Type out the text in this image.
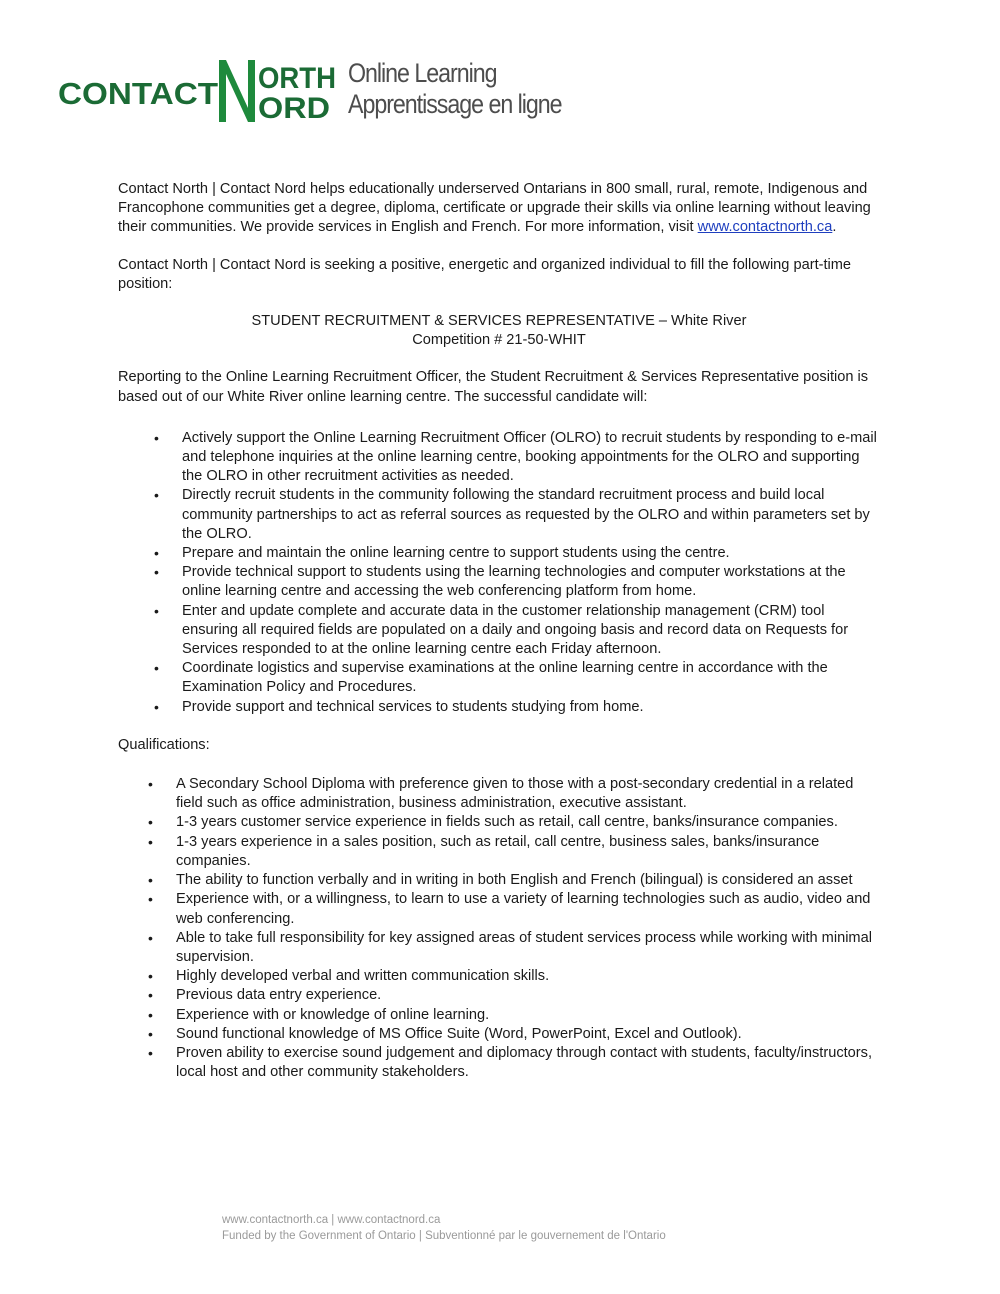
CONTACT ORTH
ORD
Online Learning
Apprentissage en ligne

Contact North | Contact Nord helps educationally underserved Ontarians in 800 small, rural, remote, Indigenous and Francophone communities get a degree, diploma, certificate or upgrade their skills via online learning without leaving their communities. We provide services in English and French. For more information, visit www.contactnorth.ca.

Contact North | Contact Nord is seeking a positive, energetic and organized individual to fill the following part-time position:

STUDENT RECRUITMENT & SERVICES REPRESENTATIVE – White River
Competition # 21-50-WHIT

Reporting to the Online Learning Recruitment Officer, the Student Recruitment & Services Representative position is based out of our White River online learning centre. The successful candidate will:

• Actively support the Online Learning Recruitment Officer (OLRO) to recruit students by responding to e-mail and telephone inquiries at the online learning centre, booking appointments for the OLRO and supporting the OLRO in other recruitment activities as needed.
• Directly recruit students in the community following the standard recruitment process and build local community partnerships to act as referral sources as requested by the OLRO and within parameters set by the OLRO.
• Prepare and maintain the online learning centre to support students using the centre.
• Provide technical support to students using the learning technologies and computer workstations at the online learning centre and accessing the web conferencing platform from home.
• Enter and update complete and accurate data in the customer relationship management (CRM) tool ensuring all required fields are populated on a daily and ongoing basis and record data on Requests for Services responded to at the online learning centre each Friday afternoon.
• Coordinate logistics and supervise examinations at the online learning centre in accordance with the Examination Policy and Procedures.
• Provide support and technical services to students studying from home.

Qualifications:

• A Secondary School Diploma with preference given to those with a post-secondary credential in a related field such as office administration, business administration, executive assistant.
• 1-3 years customer service experience in fields such as retail, call centre, banks/insurance companies.
• 1-3 years experience in a sales position, such as retail, call centre, business sales, banks/insurance companies.
• The ability to function verbally and in writing in both English and French (bilingual) is considered an asset
• Experience with, or a willingness, to learn to use a variety of learning technologies such as audio, video and web conferencing.
• Able to take full responsibility for key assigned areas of student services process while working with minimal supervision.
• Highly developed verbal and written communication skills.
• Previous data entry experience.
• Experience with or knowledge of online learning.
• Sound functional knowledge of MS Office Suite (Word, PowerPoint, Excel and Outlook).
• Proven ability to exercise sound judgement and diplomacy through contact with students, faculty/instructors, local host and other community stakeholders.
www.contactnorth.ca | www.contactnord.ca
Funded by the Government of Ontario | Subventionné par le gouvernement de l'Ontario
